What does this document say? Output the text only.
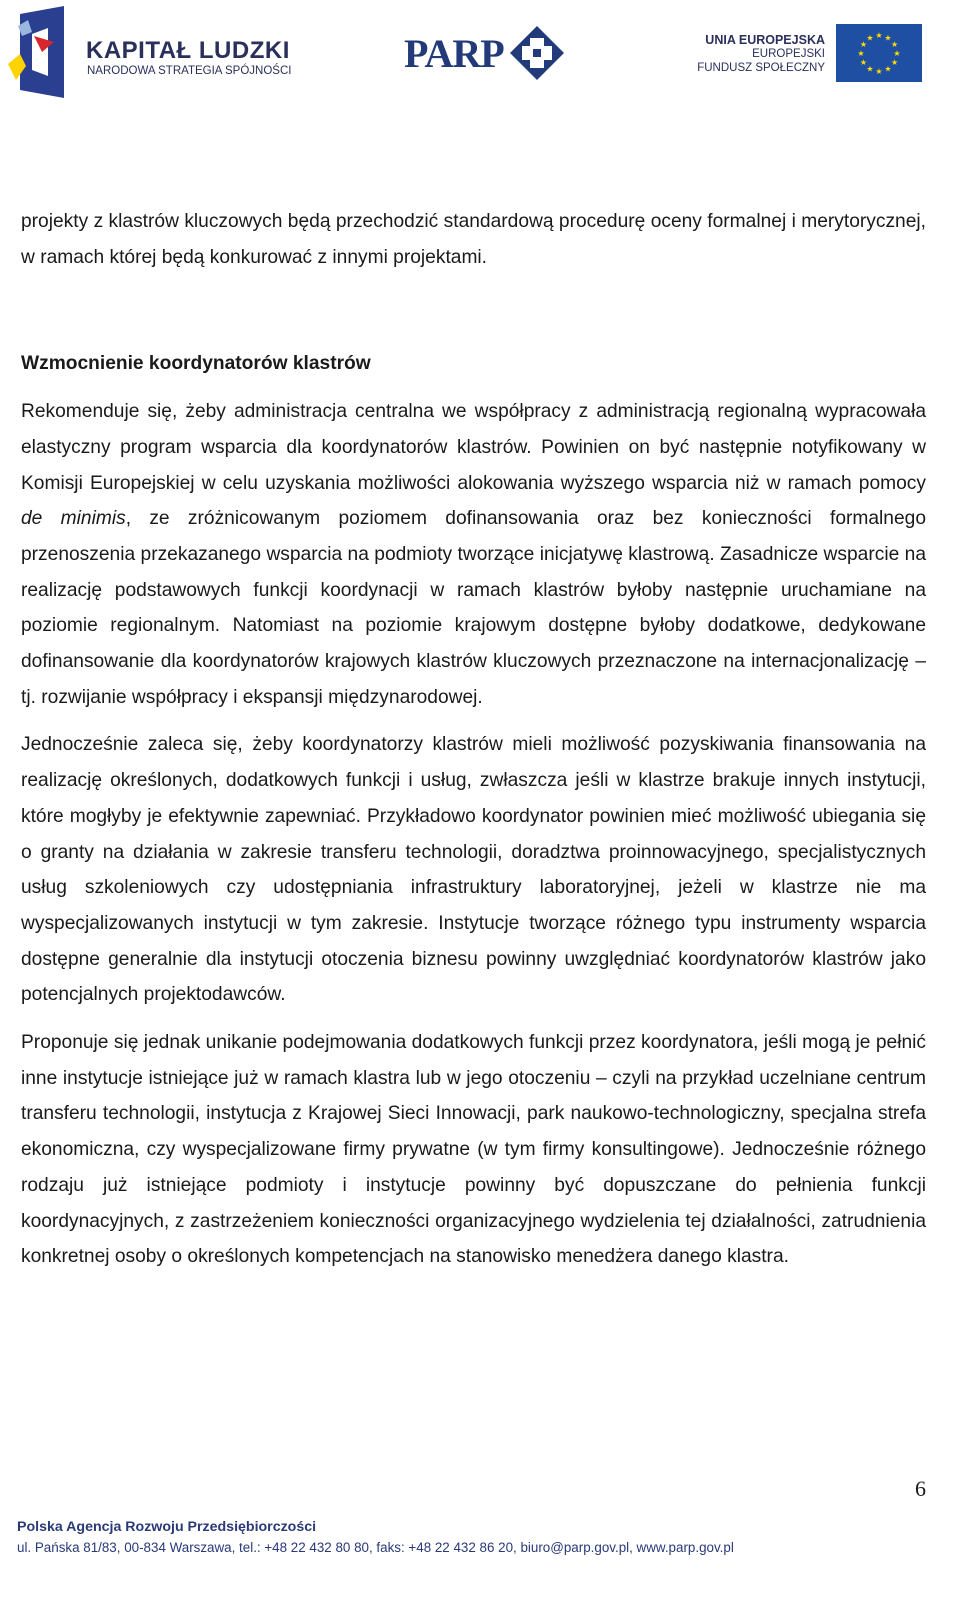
KAPITAŁ LUDZKI
NARODOWA STRATEGIA SPÓJNOŚCI	PARP	UNIA EUROPEJSKA
EUROPEJSKI
FUNDUSZ SPOŁECZNY
★ ★
★
★
★
★
★
★
★
★
★
★

projekty z klastrów kluczowych będą przechodzić standardową procedurę oceny formalnej i merytorycznej, w ramach której będą konkurować z innymi projektami.

Wzmocnienie koordynatorów klastrów

Rekomenduje się, żeby administracja centralna we współpracy z administracją regionalną wypracowała elastyczny program wsparcia dla koordynatorów klastrów. Powinien on być następnie notyfikowany w Komisji Europejskiej w celu uzyskania możliwości alokowania wyższego wsparcia niż w ramach pomocy de minimis, ze zróżnicowanym poziomem dofinansowania oraz bez konieczności formalnego przenoszenia przekazanego wsparcia na podmioty tworzące inicjatywę klastrową. Zasadnicze wsparcie na realizację podstawowych funkcji koordynacji w ramach klastrów byłoby następnie uruchamiane na poziomie regionalnym. Natomiast na poziomie krajowym dostępne byłoby dodatkowe, dedykowane dofinansowanie dla koordynatorów krajowych klastrów kluczowych przeznaczone na internacjonalizację – tj. rozwijanie współpracy i ekspansji międzynarodowej.

Jednocześnie zaleca się, żeby koordynatorzy klastrów mieli możliwość pozyskiwania finansowania na realizację określonych, dodatkowych funkcji i usług, zwłaszcza jeśli w klastrze brakuje innych instytucji, które mogłyby je efektywnie zapewniać. Przykładowo koordynator powinien mieć możliwość ubiegania się o granty na działania w zakresie transferu technologii, doradztwa proinnowacyjnego, specjalistycznych usług szkoleniowych czy udostępniania infrastruktury laboratoryjnej, jeżeli w klastrze nie ma wyspecjalizowanych instytucji w tym zakresie. Instytucje tworzące różnego typu instrumenty wsparcia dostępne generalnie dla instytucji otoczenia biznesu powinny uwzględniać koordynatorów klastrów jako potencjalnych projektodawców.

Proponuje się jednak unikanie podejmowania dodatkowych funkcji przez koordynatora, jeśli mogą je pełnić inne instytucje istniejące już w ramach klastra lub w jego otoczeniu – czyli na przykład uczelniane centrum transferu technologii, instytucja z Krajowej Sieci Innowacji, park naukowo-technologiczny, specjalna strefa ekonomiczna, czy wyspecjalizowane firmy prywatne (w tym firmy konsultingowe). Jednocześnie różnego rodzaju już istniejące podmioty i instytucje powinny być dopuszczane do pełnienia funkcji koordynacyjnych, z zastrzeżeniem konieczności organizacyjnego wydzielenia tej działalności, zatrudnienia konkretnej osoby o określonych kompetencjach na stanowisko menedżera danego klastra.

6
Polska Agencja Rozwoju Przedsiębiorczości
ul. Pańska 81/83, 00-834 Warszawa, tel.: +48 22 432 80 80, faks: +48 22 432 86 20, biuro@parp.gov.pl, www.parp.gov.pl
